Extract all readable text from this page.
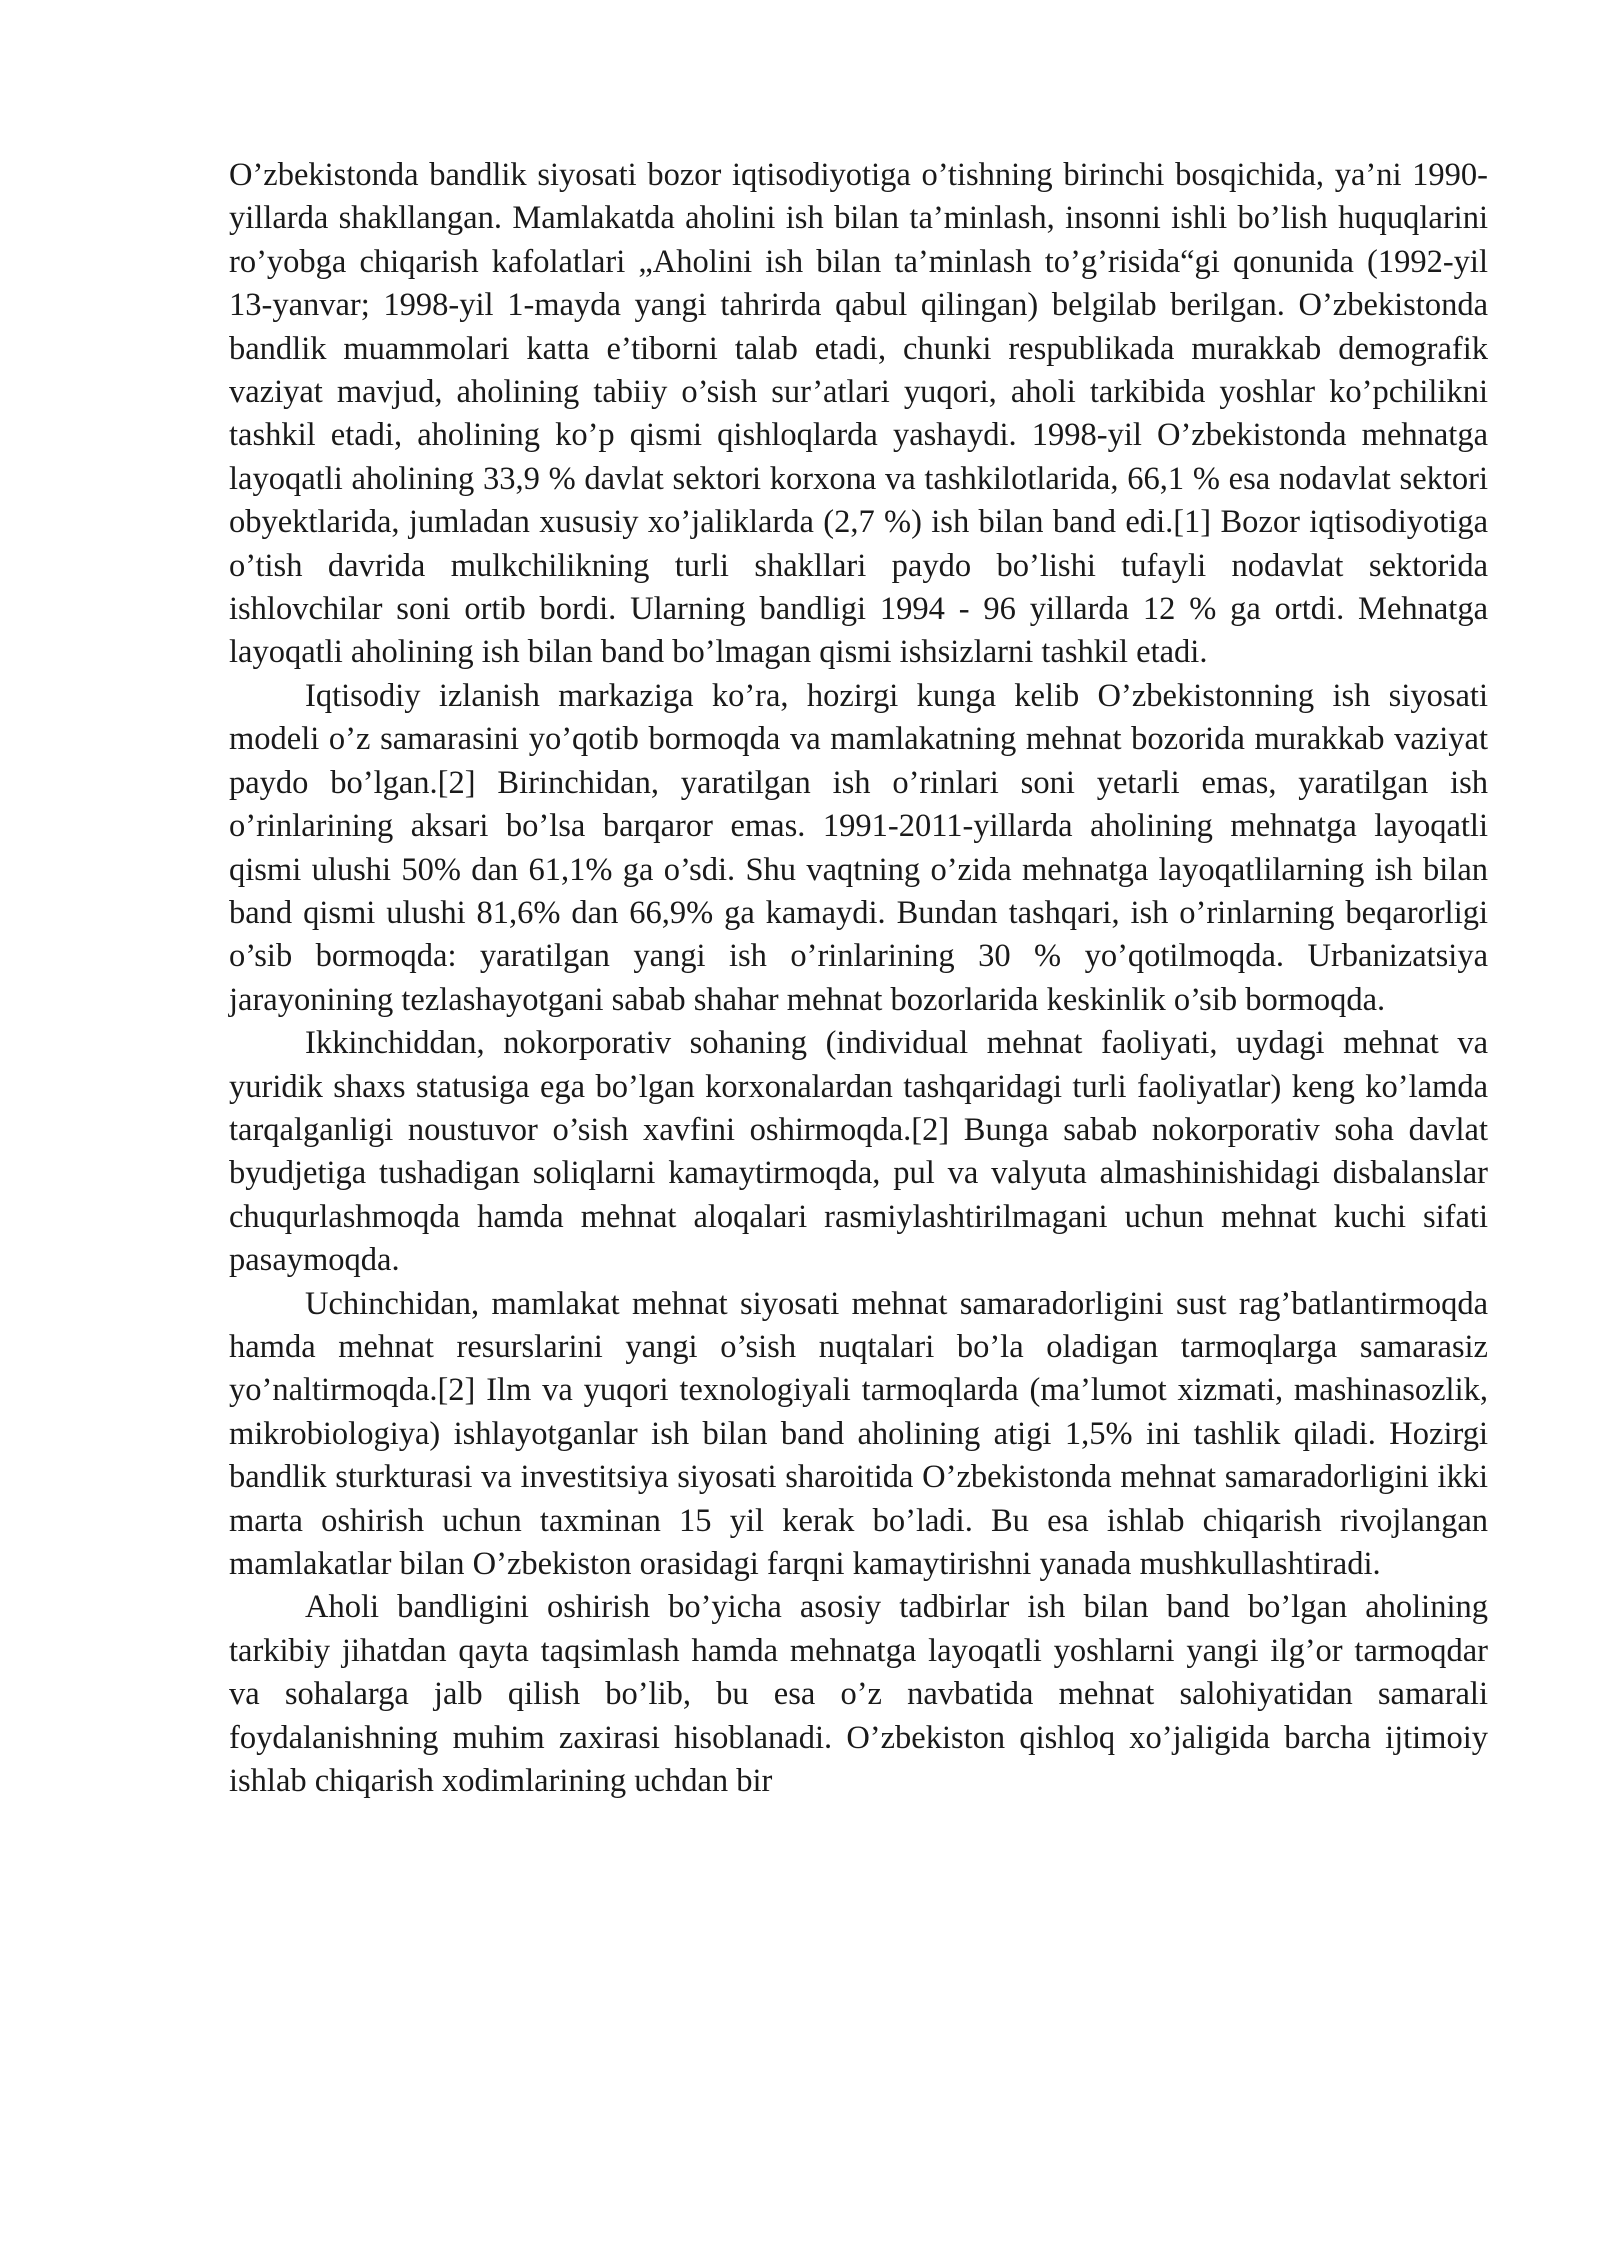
O’zbekistonda bandlik siyosati bozor iqtisodiyotiga o’tishning birinchi bosqichida, ya’ni 1990-yillarda shakllangan. Mamlakatda aholini ish bilan ta’minlash, insonni ishli bo’lish huquqlarini ro’yobga chiqarish kafolatlari „Aholini ish bilan ta’minlash to’g’risida“gi qonunida (1992-yil 13-yanvar; 1998-yil 1-mayda yangi tahrirda qabul qilingan) belgilab berilgan. O’zbekistonda bandlik muammolari katta e’tiborni talab etadi, chunki respublikada murakkab demografik vaziyat mavjud, aholining tabiiy o’sish sur’atlari yuqori, aholi tarkibida yoshlar ko’pchilikni tashkil etadi, aholining ko’p qismi qishloqlarda yashaydi. 1998-yil O’zbekistonda mehnatga layoqatli aholining 33,9 % davlat sektori korxona va tashkilotlarida, 66,1 % esa nodavlat sektori obyektlarida, jumladan xususiy xo’jaliklarda (2,7 %) ish bilan band edi.[1] Bozor iqtisodiyotiga o’tish davrida mulkchilikning turli shakllari paydo bo’lishi tufayli nodavlat sektorida ishlovchilar soni ortib bordi. Ularning bandligi 1994 - 96 yillarda 12 % ga ortdi. Mehnatga layoqatli aholining ish bilan band bo’lmagan qismi ishsizlarni tashkil etadi.

Iqtisodiy izlanish markaziga ko’ra, hozirgi kunga kelib O’zbekistonning ish siyosati modeli o’z samarasini yo’qotib bormoqda va mamlakatning mehnat bozorida murakkab vaziyat paydo bo’lgan.[2] Birinchidan, yaratilgan ish o’rinlari soni yetarli emas, yaratilgan ish o’rinlarining aksari bo’lsa barqaror emas. 1991-2011-yillarda aholining mehnatga layoqatli qismi ulushi 50% dan 61,1% ga o’sdi. Shu vaqtning o’zida mehnatga layoqatlilarning ish bilan band qismi ulushi 81,6% dan 66,9% ga kamaydi. Bundan tashqari, ish o’rinlarning beqarorligi o’sib bormoqda: yaratilgan yangi ish o’rinlarining 30 % yo’qotilmoqda. Urbanizatsiya jarayonining tezlashayotgani sabab shahar mehnat bozorlarida keskinlik o’sib bormoqda.

Ikkinchiddan, nokorporativ sohaning (individual mehnat faoliyati, uydagi mehnat va yuridik shaxs statusiga ega bo’lgan korxonalardan tashqaridagi turli faoliyatlar) keng ko’lamda tarqalganligi noustuvor o’sish xavfini oshirmoqda.[2] Bunga sabab nokorporativ soha davlat byudjetiga tushadigan soliqlarni kamaytirmoqda, pul va valyuta almashinishidagi disbalanslar chuqurlashmoqda hamda mehnat aloqalari rasmiylashtirilmagani uchun mehnat kuchi sifati pasaymoqda.

Uchinchidan, mamlakat mehnat siyosati mehnat samaradorligini sust rag’batlantirmoqda hamda mehnat resurslarini yangi o’sish nuqtalari bo’la oladigan tarmoqlarga samarasiz yo’naltirmoqda.[2] Ilm va yuqori texnologiyali tarmoqlarda (ma’lumot xizmati, mashinasozlik, mikrobiologiya) ishlayotganlar ish bilan band aholining atigi 1,5% ini tashlik qiladi. Hozirgi bandlik sturkturasi va investitsiya siyosati sharoitida O’zbekistonda mehnat samaradorligini ikki marta oshirish uchun taxminan 15 yil kerak bo’ladi. Bu esa ishlab chiqarish rivojlangan mamlakatlar bilan O’zbekiston orasidagi farqni kamaytirishni yanada mushkullashtiradi.

Aholi bandligini oshirish bo’yicha asosiy tadbirlar ish bilan band bo’lgan aholining tarkibiy jihatdan qayta taqsimlash hamda mehnatga layoqatli yoshlarni yangi ilg’or tarmoqdar va sohalarga jalb qilish bo’lib, bu esa o’z navbatida mehnat salohiyatidan samarali foydalanishning muhim zaxirasi hisoblanadi. O’zbekiston qishloq xo’jaligida barcha ijtimoiy ishlab chiqarish xodimlarining uchdan bir
